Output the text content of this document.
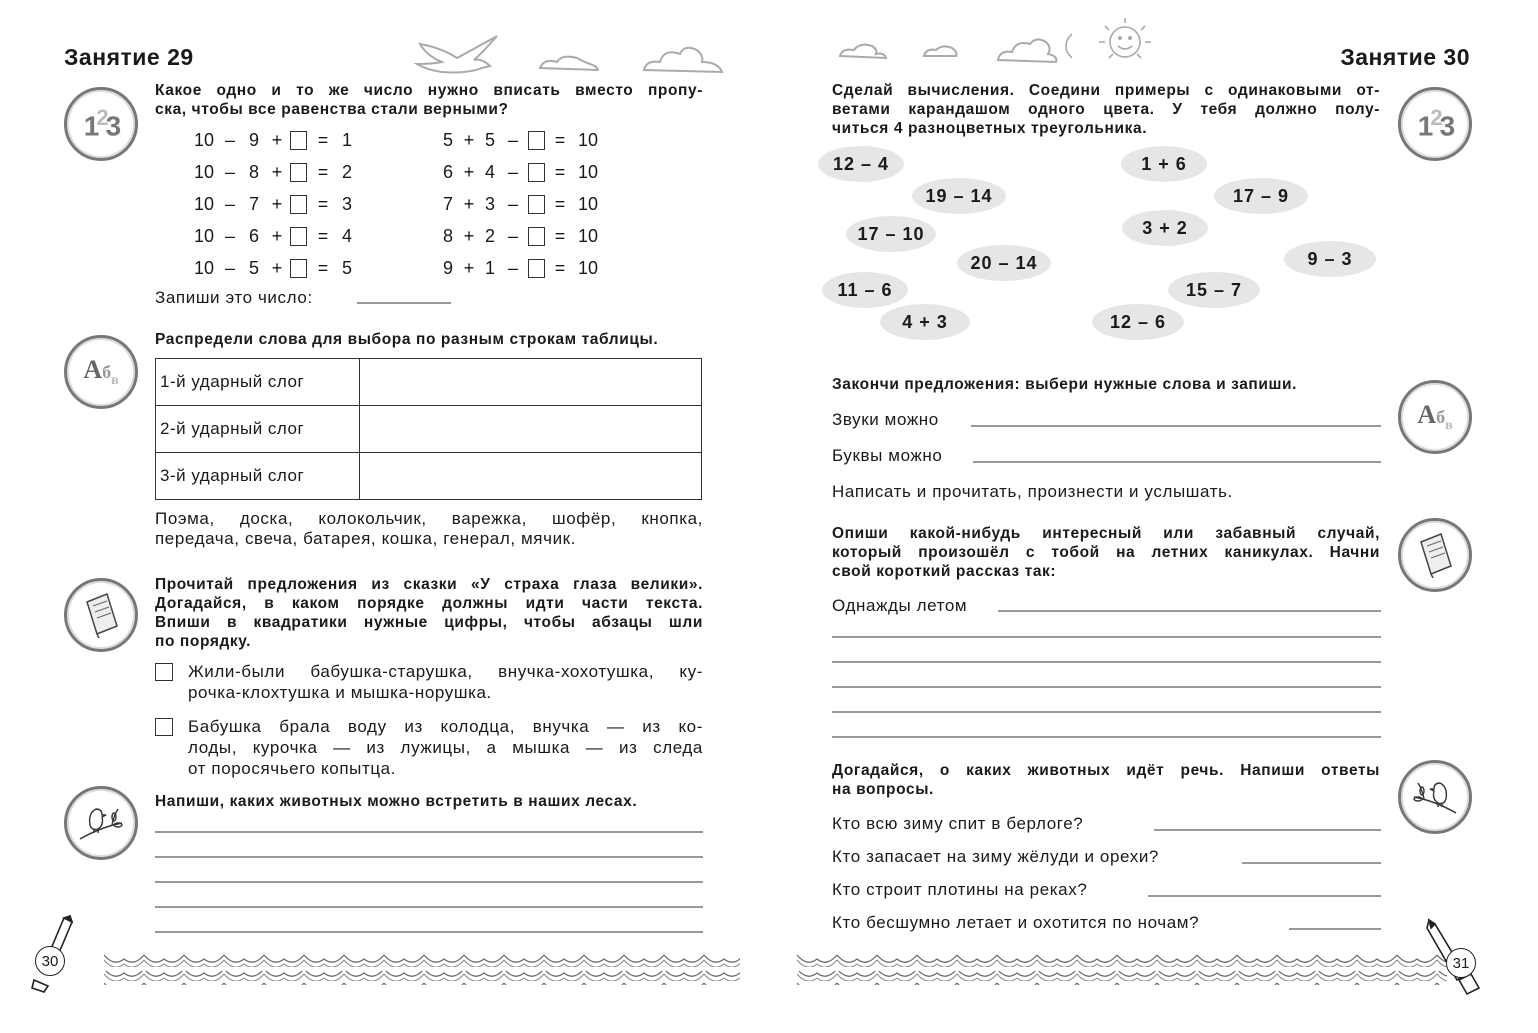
Занятие 29
$1^23$
Какое одно и то же число нужно вписать вместо пропу-
ска, чтобы все равенства стали верными?
10 – 9 +	= 1
10 – 8 +	= 2
10 – 7 +	= 3
10 – 6 +	= 4
10 – 5 +	= 5
5 + 5 –	= 10
6 + 4 –	= 10
7 + 3 –	= 10
8 + 2 –	= 10
9 + 1 –	= 10
Запиши это число:
$Аб_в$
Распредели слова для выбора по разным строкам таблицы.
1-й ударный слог	
2-й ударный слог	
3-й ударный слог	
Поэма, доска, колокольчик, варежка, шофёр, кнопка,
передача, свеча, батарея, кошка, генерал, мячик.
Прочитай предложения из сказки «У страха глаза велики».
Догадайся, в каком порядке должны идти части текста.
Впиши в квадратики нужные цифры, чтобы абзацы шли
по порядку.
Жили-были бабушка-старушка, внучка-хохотушка, ку-
рочка-клохтушка и мышка-норушка.
Бабушка брала воду из колодца, внучка — из ко-
лоды, курочка — из лужицы, а мышка — из следа
от поросячьего копытца.
Напиши, каких животных можно встретить в наших лесах.
30
Занятие 30
Сделай вычисления. Соедини примеры с одинаковыми от-
ветами карандашом одного цвета. У тебя должно полу-
читься 4 разноцветных треугольника.	$1^23$
12 – 4
19 – 14
17 – 10
20 – 14
11 – 6
4 + 3
1 + 6
17 – 9
3 + 2
9 – 3
15 – 7
12 – 6
Закончи предложения: выбери нужные слова и запиши.
$Аб_в$
Звуки можно
Буквы можно
Написать и прочитать, произнести и услышать.
Опиши какой-нибудь интересный или забавный случай,
который произошёл с тобой на летних каникулах. Начни
свой короткий рассказ так:
Однажды летом
Догадайся, о каких животных идёт речь. Напиши ответы
на вопросы.
Кто всю зиму спит в берлоге?
Кто запасает на зиму жёлуди и орехи?
Кто строит плотины на реках?
Кто бесшумно летает и охотится по ночам?
31
